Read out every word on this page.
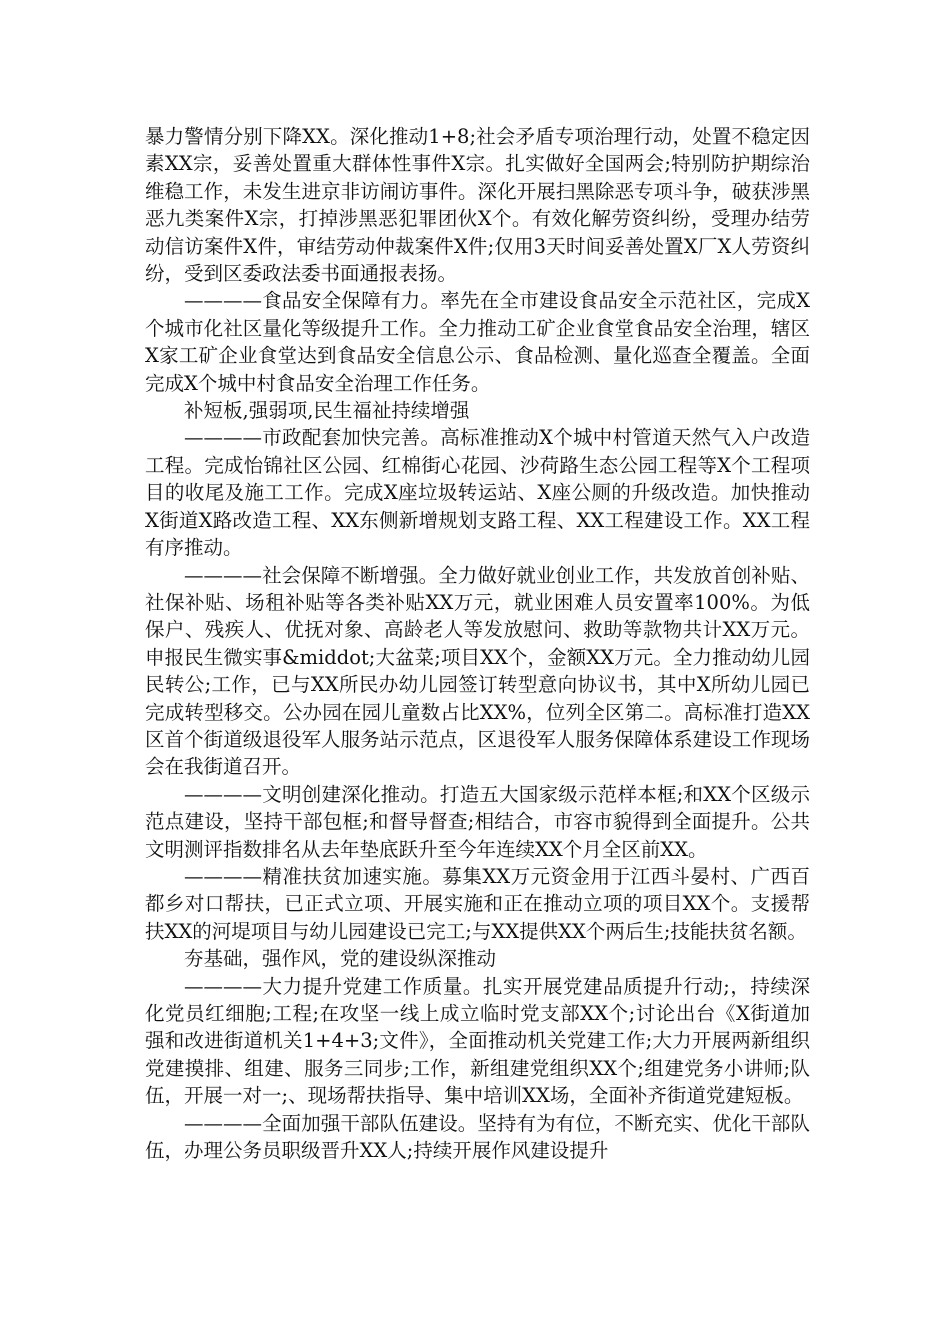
暴力警情分别下降XX。深化推动1+8;社会矛盾专项治理行动，处置不稳定因素XX宗，妥善处置重大群体性事件X宗。扎实做好全国两会;特别防护期综治维稳工作，未发生进京非访闹访事件。深化开展扫黑除恶专项斗争，破获涉黑恶九类案件X宗，打掉涉黑恶犯罪团伙X个。有效化解劳资纠纷，受理办结劳动信访案件X件，审结劳动仲裁案件X件;仅用3天时间妥善处置X厂X人劳资纠纷，受到区委政法委书面通报表扬。

————食品安全保障有力。率先在全市建设食品安全示范社区，完成X个城市化社区量化等级提升工作。全力推动工矿企业食堂食品安全治理，辖区X家工矿企业食堂达到食品安全信息公示、食品检测、量化巡查全覆盖。全面完成X个城中村食品安全治理工作任务。

补短板,强弱项,民生福祉持续增强

————市政配套加快完善。高标准推动X个城中村管道天然气入户改造工程。完成怡锦社区公园、红棉街心花园、沙荷路生态公园工程等X个工程项目的收尾及施工工作。完成X座垃圾转运站、X座公厕的升级改造。加快推动X街道X路改造工程、XX东侧新增规划支路工程、XX工程建设工作。XX工程有序推动。

————社会保障不断增强。全力做好就业创业工作，共发放首创补贴、社保补贴、场租补贴等各类补贴XX万元，就业困难人员安置率100%。为低保户、残疾人、优抚对象、高龄老人等发放慰问、救助等款物共计XX万元。申报民生微实事&middot;大盆菜;项目XX个，金额XX万元。全力推动幼儿园民转公;工作，已与XX所民办幼儿园签订转型意向协议书，其中X所幼儿园已完成转型移交。公办园在园儿童数占比XX%，位列全区第二。高标准打造XX区首个街道级退役军人服务站示范点，区退役军人服务保障体系建设工作现场会在我街道召开。

————文明创建深化推动。打造五大国家级示范样本框;和XX个区级示范点建设，坚持干部包框;和督导督查;相结合，市容市貌得到全面提升。公共文明测评指数排名从去年垫底跃升至今年连续XX个月全区前XX。

————精准扶贫加速实施。募集XX万元资金用于江西斗晏村、广西百都乡对口帮扶，已正式立项、开展实施和正在推动立项的项目XX个。支援帮扶XX的河堤项目与幼儿园建设已完工;与XX提供XX个两后生;技能扶贫名额。

夯基础，强作风，党的建设纵深推动

————大力提升党建工作质量。扎实开展党建品质提升行动;，持续深化党员红细胞;工程;在攻坚一线上成立临时党支部XX个;讨论出台《X街道加强和改进街道机关1+4+3;文件》，全面推动机关党建工作;大力开展两新组织党建摸排、组建、服务三同步;工作，新组建党组织XX个;组建党务小讲师;队伍，开展一对一;、现场帮扶指导、集中培训XX场，全面补齐街道党建短板。

————全面加强干部队伍建设。坚持有为有位，不断充实、优化干部队伍，办理公务员职级晋升XX人;持续开展作风建设提升
